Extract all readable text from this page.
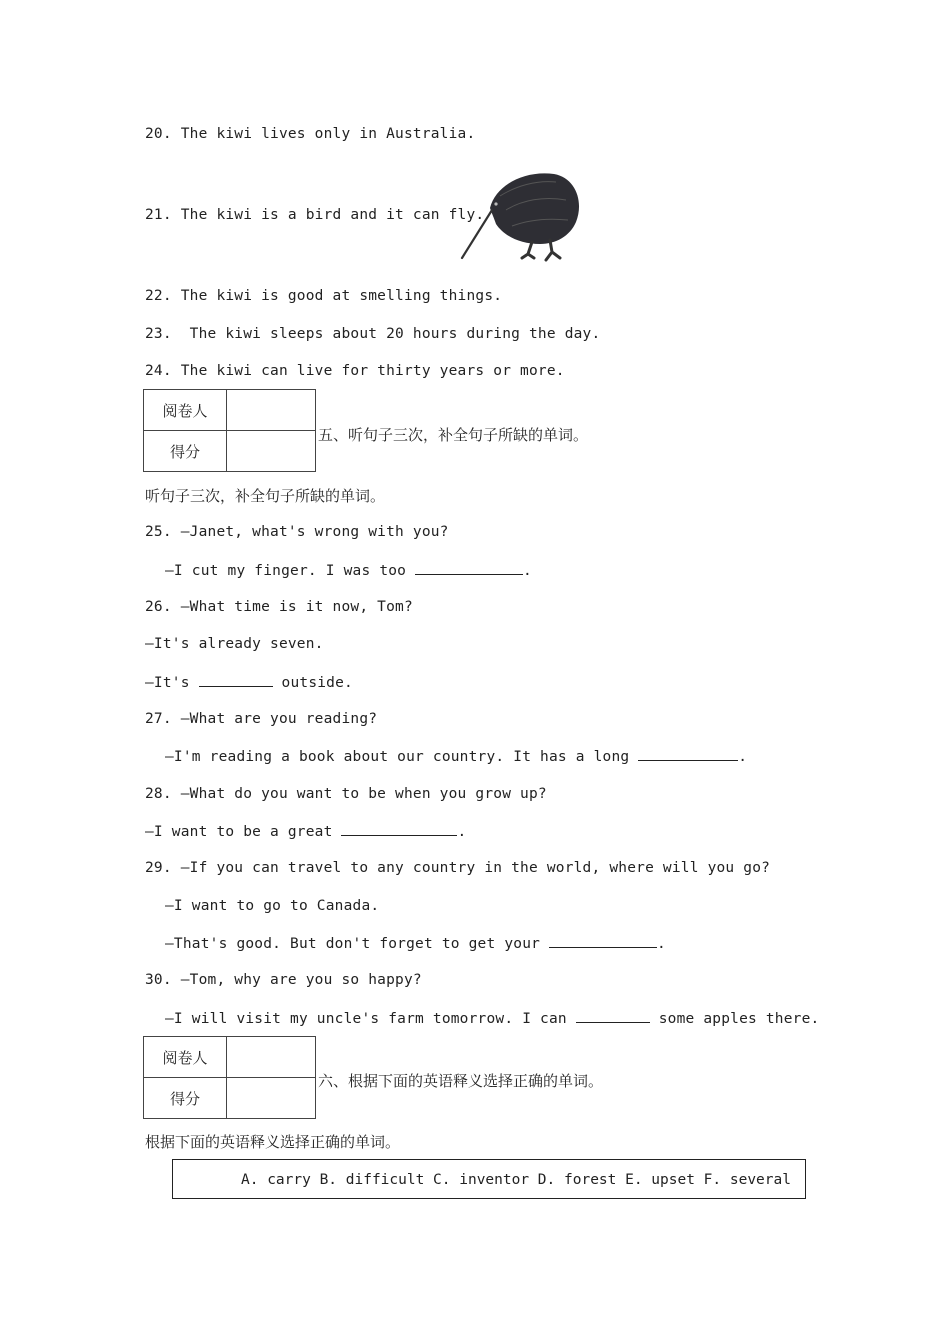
20. The kiwi lives only in Australia.
21. The kiwi is a bird and it can fly.
22. The kiwi is good at smelling things.
23.  The kiwi sleeps about 20 hours during the day.
24. The kiwi can live for thirty years or more.
阅卷人	
得分	
五、听句子三次，补全句子所缺的单词。
听句子三次，补全句子所缺的单词。
25. —Janet, what's wrong with you?
—I cut my finger. I was too	.
26. —What time is it now, Tom?
—It's already seven.
—It's	outside.
27. —What are you reading?
—I'm reading a book about our country. It has a long	.
28. —What do you want to be when you grow up?
—I want to be a great	.
29. —If you can travel to any country in the world, where will you go?
—I want to go to Canada.
—That's good. But don't forget to get your	.
30. —Tom, why are you so happy?
—I will visit my uncle's farm tomorrow. I can	some apples there.
阅卷人	
得分	
六、根据下面的英语释义选择正确的单词。
根据下面的英语释义选择正确的单词。
A. carry B. difficult C. inventor D. forest E. upset F. several
